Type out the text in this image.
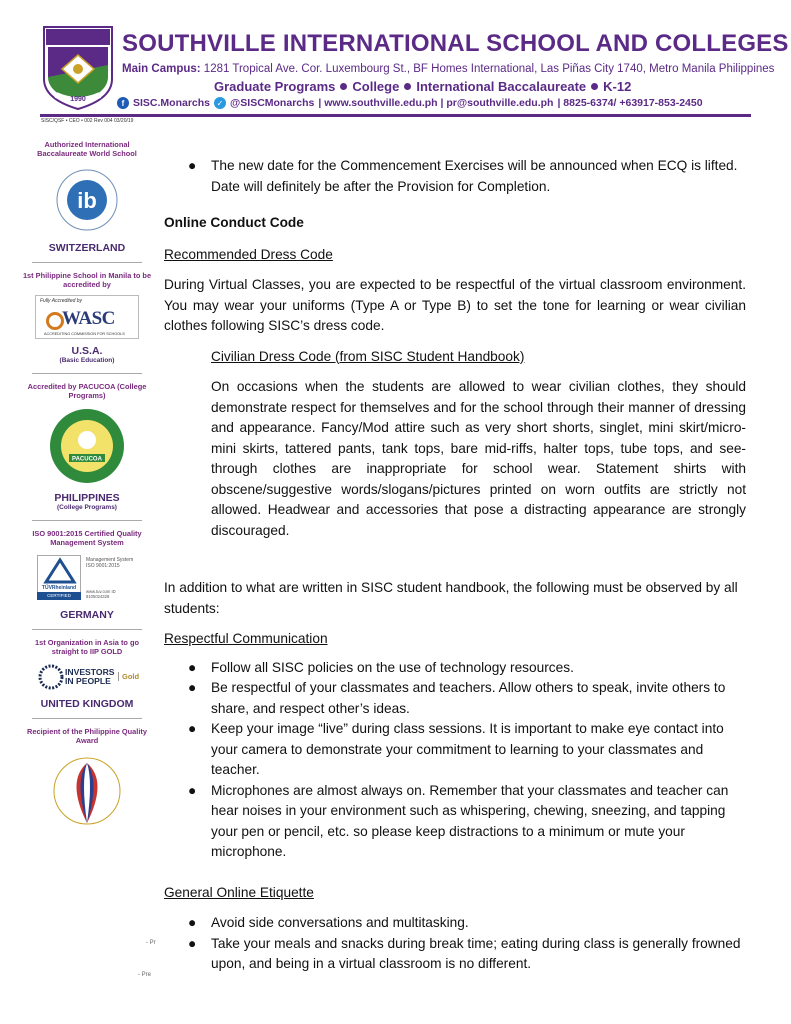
1990
SOUTHVILLE INTERNATIONAL SCHOOL AND COLLEGES
Main Campus: 1281 Tropical Ave. Cor. Luxembourg St., BF Homes International, Las Piñas City 1740, Metro Manila Philippines
Graduate Programs College International Baccalaureate K-12
f SISC.Monarchs ✓ @SISCMonarchs | www.southville.edu.ph | pr@southville.edu.ph | 8825-6374/ +63917-853-2450
SISC/QSF • CEO • 002 Rev 004 03/20/19
Authorized International Baccalaureate World School
ib
SWITZERLAND
1st Philippine School in Manila to be accredited by
Fully Accredited by
WASC
ACCREDITING COMMISSION FOR SCHOOLS
U.S.A.
(Basic Education)
Accredited by PACUCOA (College Programs)
PACUCOA
PHILIPPINES
(College Programs)
ISO 9001:2015 Certified Quality Management System
TÜVRheinland
CERTIFIED
Management System ISO 9001:2015
www.tuv.com ID 9105024328
GERMANY
1st Organization in Asia to go straight to IIP GOLD
INVESTORS
IN PEOPLE	Gold
UNITED KINGDOM
Recipient of the Philippine Quality Award
- Pr
- Pre
● The new date for the Commencement Exercises will be announced when ECQ is lifted. Date will definitely be after the Provision for Completion.
Online Conduct Code
Recommended Dress Code

During Virtual Classes, you are expected to be respectful of the virtual classroom environment. You may wear your uniforms (Type A or Type B) to set the tone for learning or wear civilian clothes following SISC’s dress code.

Civilian Dress Code (from SISC Student Handbook)

On occasions when the students are allowed to wear civilian clothes, they should demonstrate respect for themselves and for the school through their manner of dressing and appearance. Fancy/Mod attire such as very short shorts, singlet, mini skirt/micro-mini skirts, tattered pants, tank tops, bare mid-riffs, halter tops, tube tops, and see-through clothes are inappropriate for school wear. Statement shirts with obscene/suggestive words/slogans/pictures printed on worn outfits are strictly not allowed. Headwear and accessories that pose a distracting appearance are strongly discouraged.

In addition to what are written in SISC student handbook, the following must be observed by all students:

Respectful Communication
● Follow all SISC policies on the use of technology resources.
● Be respectful of your classmates and teachers. Allow others to speak, invite others to share, and respect other’s ideas.
● Keep your image “live” during class sessions. It is important to make eye contact into your camera to demonstrate your commitment to learning to your classmates and teacher.
● Microphones are almost always on. Remember that your classmates and teacher can hear noises in your environment such as whispering, chewing, sneezing, and tapping your pen or pencil, etc. so please keep distractions to a minimum or mute your microphone.
General Online Etiquette
● Avoid side conversations and multitasking.
● Take your meals and snacks during break time; eating during class is generally frowned upon, and being in a virtual classroom is no different.
